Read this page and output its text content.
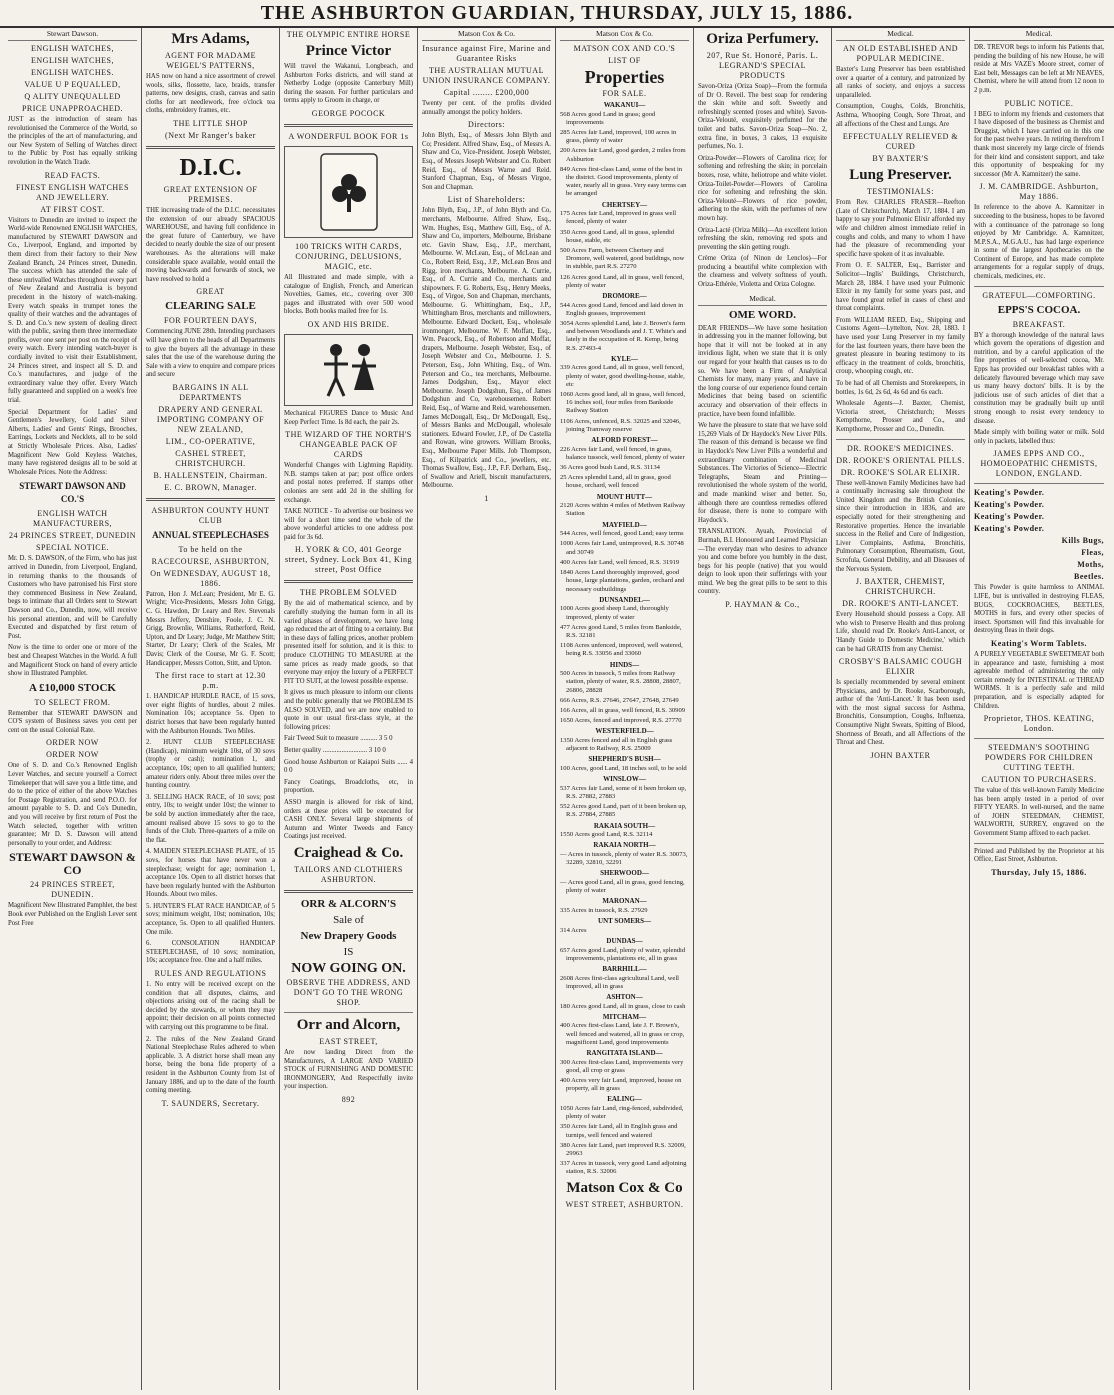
THE ASHBURTON GUARDIAN, THURSDAY, JULY 15, 1886.
Stewart Dawson.
ENGLISH WATCHES,
ENGLISH WATCHES,
ENGLISH WATCHES.
VALUE U P EQUALLED,
Q ALITY UNEQUALLED
PRICE UNAPPROACHED.

JUST as the introduction of steam has revolutionised the Commerce of the World, so the principles of the art of manufacturing, and our New System of Selling of Watches direct to the Public by Post has equally striking revolution in the Watch Trade.

READ FACTS.
FINEST ENGLISH WATCHES AND JEWELLERY.
AT FIRST COST.

Visitors to Dunedin are invited to inspect the World-wide Renowned ENGLISH WATCHES, manufactured by STEWART DAWSON and Co., Liverpool, England, and imported by them direct from their factory to their New Zealand Branch, 24 Princes street, Dunedin. The success which has attended the sale of these unrivalled Watches throughout every part of New Zealand and Australia is beyond precedent in the history of watch-making. Every watch speaks in trumpet tones the quality of their watches and the advantages of S. D. and Co.'s new system of dealing direct with the public, saving them three intermediate profits, over one sent per post on the receipt of every watch. Every intending watch-buyer is cordially invited to visit their Establishment, 24 Princes street, and inspect all S. D. and Co.'s manufactures, and judge of the extraordinary value they offer. Every Watch fully guaranteed and supplied on a week's free trial.

Special Department for Ladies' and Gentlemen's Jewellery, Gold and Silver Alberts, Ladies' and Gents' Rings, Brooches, Earrings, Lockets and Necklets, all to be sold at Strictly Wholesale Prices. Also, Ladies' Magnificent New Gold Keyless Watches, many have registered designs all to be sold at Wholesale Prices. Note the Address:

STEWART DAWSON AND CO.'S
ENGLISH WATCH MANUFACTURERS,
24 PRINCES STREET, DUNEDIN
SPECIAL NOTICE.

Mr. D. S. DAWSON, of the Firm, who has just arrived in Dunedin, from Liverpool, England, in returning thanks to the thousands of Customers who have patronised his First store they commenced Business in New Zealand, begs to intimate that all Orders sent to Stewart Dawson and Co., Dunedin, now, will receive his personal attention, and will be Carefully Executed and dispatched by first return of Post.

Now is the time to order one or more of the best and Cheapest Watches in the World. A full and Magnificent Stock on hand of every article show in Illustrated Pamphlet.

A £10,000 STOCK
TO SELECT FROM.

Remember that STEWART DAWSON and CO'S system of Business saves you cent per cent on the usual Colonial Rate.

ORDER NOW
ORDER NOW

One of S. D. and Co.'s Renowned English Lever Watches, and secure yourself a Correct Timekeeper that will save you a little time, and do to the price of either of the above Watches for Postage Registration, and send P.O.O. for amount payable to S. D. and Co's Dunedin, and you will receive by first return of Post the Watch selected, together with written guarantee; Mr D. S. Dawson will attend personally to your order, and Address:

STEWART DAWSON & CO
24 PRINCES STREET, DUNEDIN.

Magnificent New Illustrated Pamphlet, the best Book ever Published on the English Lever sent Post Free

Mrs Adams,
AGENT FOR MADAME WEIGEL'S PATTERNS,

HAS now on hand a nice assortment of crewel wools, silks, flossette, lace, braids, transfer patterns, new designs, crash, canvas and satin cloths for art needlework, free o'clock tea cloths, embroidery frames, etc.

THE LITTLE SHOP
(Next Mr Ranger's baker
D.I.C.
GREAT EXTENSION OF PREMISES.

THE increasing trade of the D.I.C. necessitates the extension of our already SPACIOUS WAREHOUSE, and having full confidence in the great future of Canterbury, we have decided to nearly double the size of our present warehouses. As the alterations will make considerable space available, would entail the moving backwards and forwards of stock, we have resolved to hold a

GREAT
CLEARING SALE
FOR FOURTEEN DAYS,

Commencing JUNE 28th. Intending purchasers will have given to the heads of all Departments to give the buyers all the advantage in these sales that the use of the warehouse during the Sale with a view to enquire and compare prices and secure

BARGAINS IN ALL DEPARTMENTS
DRAPERY AND GENERAL IMPORTING COMPANY OF NEW ZEALAND,
LIM., CO-OPERATIVE,
CASHEL STREET, CHRISTCHURCH.
B. HALLENSTEIN, Chairman.
E. C. BROWN, Manager.
ASHBURTON COUNTY HUNT CLUB
ANNUAL STEEPLECHASES
To be held on the
RACECOURSE, ASHBURTON,
On WEDNESDAY, AUGUST 18, 1886.

Patron, Hon J. McLean; President, Mr E. G. Wright; Vice-Presidents, Messrs John Grigg, C. G. Hawdon, Dr Leary and Rev. Stevenals Messrs Jeffery, Denshire, Foole, J. C. N. Grigg, Brownlie, Williams, Rutherford, Reid, Upton, and Dr Leary; Judge, Mr Matthew Stitt; Starter, Dr Leary; Clerk of the Scales, Mr Davis; Clerk of the Course, Mr G. F. Scott; Handicapper, Messrs Cotton, Stitt, and Upton.

The first race to start at 12.30 p.m.

1. HANDICAP HURDLE RACE, of 15 sovs, over eight flights of hurdles, about 2 miles. Nomination 10s; acceptance 5s. Open to district horses that have been regularly hunted with the Ashburton Hounds. Two Miles.

2. HUNT CLUB STEEPLECHASE (Handicap), minimum weight 10st, of 30 sovs (trophy or cash); nomination 1, and acceptance, 10s; open to all qualified hunters; amateur riders only. About three miles over the hunting country.

3. SELLING HACK RACE, of 10 sovs; post entry, 10s; to weight under 10st; the winner to be sold by auction immediately after the race, amount realised above 15 sovs to go to the funds of the Club. Three-quarters of a mile on the flat.

4. MAIDEN STEEPLECHASE PLATE, of 15 sovs, for horses that have never won a steeplechase; weight for age; nomination 1, acceptance 10s. Open to all district horses that have been regularly hunted with the Ashburton Hounds. About two miles.

5. HUNTER'S FLAT RACE HANDICAP, of 5 sovs; minimum weight, 10st; nomination, 10s; acceptance, 5s. Open to all qualified Hunters. One mile.

6. CONSOLATION HANDICAP STEEPLECHASE, of 10 sovs; nomination, 10s; acceptance free. One and a half miles.

RULES AND REGULATIONS

1. No entry will be received except on the condition that all disputes, claims, and objections arising out of the racing shall be decided by the stewards, or whom they may appoint; their decision on all points connected with carrying out this programme to be final.

2. The rules of the New Zealand Grand National Steeplechase Rules adhered to when applicable. 3. A district horse shall mean any horse, being the bona fide property of a resident in the Ashburton County from 1st of January 1886, and up to the date of the fourth coming meeting.

T. SAUNDERS, Secretary.
THE OLYMPIC ENTIRE HORSE
Prince Victor

Will travel the Wakanui, Longbeach, and Ashburton Forks districts, and will stand at Netherby Lodge (opposite Canterbury Mill) during the season. For further particulars and terms apply to Groom in charge, or

GEORGE POCOCK
A WONDERFUL BOOK FOR 1s
100 TRICKS WITH CARDS, CONJURING, DELUSIONS, MAGIC, etc.

All Illustrated and made simple, with a catalogue of English, French, and American Novelties, Games, etc., covering over 300 pages and illustrated with over 500 wood blocks. Both books mailed free for 1s.

OX AND HIS BRIDE.

Mechanical FIGURES Dance to Music And Keep Perfect Time. Is 8d each, the pair 2s.

THE WIZARD OF THE NORTH'S CHANGEABLE PACK OF CARDS

Wonderful Changes with Lightning Rapidity. N.B. stamps taken at par; post office orders and postal notes preferred. If stamps other colonies are sent add 2d in the shilling for exchange.

TAKE NOTICE - To advertise our business we will for a short time send the whole of the above wonderful articles to one address post paid for 3s 6d.

H. YORK & CO, 401 George street, Sydney. Lock Box 41, King street, Post Office
THE PROBLEM SOLVED

By the aid of mathematical science, and by carefully studying the human form in all its varied phases of development, we have long ago reduced the art of fitting to a certainty. But in these days of falling prices, another problem presented itself for solution, and it is this: to produce CLOTHING TO MEASURE at the same prices as ready made goods, so that everyone may enjoy the luxury of a PERFECT FIT TO SUIT, at the lowest possible expense.

It gives us much pleasure to inform our clients and the public generally that we PROBLEM IS ALSO SOLVED, and we are now enabled to quote in our usual first-class style, at the following prices:

Fair Tweed Suit to measure .......... 3 5 0

Better quality .......................... 3 10 0

Good house Ashburton or Kaiapoi Suits ...... 4 0 0

Fancy Coatings, Broadcloths, etc, in proportion.

ASSO margin is allowed for risk of kind, orders at these prices will be executed for CASH ONLY. Several large shipments of Autumn and Winter Tweeds and Fancy Coatings just received.

Craighead & Co.
TAILORS AND CLOTHIERS ASHBURTON.
ORR & ALCORN'S
Sale of
New Drapery Goods
IS
NOW GOING ON.
OBSERVE THE ADDRESS, AND DON'T GO TO THE WRONG SHOP.
Orr and Alcorn,
EAST STREET,

Are now landing Direct from the Manufacturers, A LARGE AND VARIED STOCK of FURNISHING AND DOMESTIC IRONMONGERY, And Respectfully invite your inspection.

892
Matson Cox & Co.
Insurance against Fire, Marine and Guarantee Risks
THE AUSTRALIAN MUTUAL UNION INSURANCE COMPANY.
Capital ........ £200,000

Twenty per cent. of the profits divided annually amongst the policy holders.

Directors:

John Blyth, Esq., of Messrs John Blyth and Co; President. Alfred Shaw, Esq., of Messrs A. Shaw and Co, Vice-President. Joseph Webster, Esq., of Messrs Joseph Webster and Co. Robert Reid, Esq., of Messrs Warne and Reid. Stanford Chapman, Esq., of Messrs Virgoe, Son and Chapman.

List of Shareholders:

John Blyth, Esq., J.P., of John Blyth and Co, merchants, Melbourne. Alfred Shaw, Esq., Wm. Hughes, Esq., Matthew Gill, Esq., of A. Shaw and Co, importers, Melbourne, Brisbane etc. Gavin Shaw, Esq., J.P., merchant, Melbourne. W. McLean, Esq., of McLean and Co., Robert Reid, Esq., J.P., McLean Bros and Rigg, iron merchants, Melbourne. A. Currie, Esq., of A. Currie and Co, merchants and shipowners. F. G. Roberts, Esq., Henry Meeks, Esq., of Virgoe, Son and Chapman, merchants, Melbourne. G. Whittingham, Esq., J.P., Whittingham Bros, merchants and millowners, Melbourne. Edward Dockett, Esq., wholesale ironmonger, Melbourne. W. F. Moffatt, Esq., Wm. Peacock, Esq., of Robertson and Moffat, drapers, Melbourne. Joseph Webster, Esq., of Joseph Webster and Co., Melbourne. J. S. Peterson, Esq., John Whiting, Esq., of Wm. Peterson and Co., tea merchants, Melbourne. James Dodgshun, Esq., Mayor elect Melbourne. Joseph Dodgshun, Esq., of James Dodgshun and Co, warehousemen. Robert Reid, Esq., of Warne and Reid, warehousemen. James McDougall, Esq., Dr McDougall, Esq., of Messrs Banks and McDougall, wholesale stationers. Edward Fowler, J.P., of De Castella and Rowan, wine growers. William Brooks, Esq., Melbourne Paper Mills. Job Thompson, Esq., of Kilpatrick and Co., jewellers, etc. Thomas Swallow, Esq., J.P., F.F. Derham, Esq., of Swallow and Ariell, biscuit manufacturers, Melbourne.

1
Matson Cox & Co.
MATSON COX AND CO.'S
LIST OF
Properties
FOR SALE.
WAKANUI—
568 Acres good Land in grass; good improvements
285 Acres fair Land, improved, 100 acres in grass, plenty of water
200 Acres fair Land, good garden, 2 miles from Ashburton
849 Acres first-class Land, some of the best in the district. Good improvements, plenty of water, nearly all in grass. Very easy terms can be arranged
CHERTSEY—
175 Acres fair Land, improved in grass well fenced, plenty of water
350 Acres good Land, all in grass, splendid house, stable, etc
500 Acres Farm, between Chertsey and Dromore, well watered, good buildings, now in stubble, part R.S. 27270
126 Acres good Land, all in grass, well fenced, plenty of water
DROMORE—
544 Acres good Land, fenced and laid down in English grasses, improvement
3054 Acres splendid Land, late J. Brown's farm and between Woodlands and J. T. White's and lately in the occupation of R. Kemp, being R.S. 27493-4
KYLE—
339 Acres good Land, all in grass, well fenced, plenty of water, good dwelling-house, stable, etc
1060 Acres good land, all in grass, well fenced, 16 inches soil, four miles from Bankside Railway Station
1106 Acres, unfenced, R.S. 32025 and 32046, joining Tramway reserve
ALFORD FOREST—
226 Acres fair Land, well fenced, in grass, balance tussock, well fenced, plenty of water
36 Acres good bush Land, R.S. 31134
25 Acres splendid Land, all in grass, good house, orchard, well fenced
MOUNT HUTT—
2120 Acres within 4 miles of Methven Railway Station
MAYFIELD—
544 Acres, well fenced, good Land; easy terms
1000 Acres fair Land, unimproved, R.S. 30748 and 30749
400 Acres fair Land, well fenced, R.S. 31919
1840 Acres Land thoroughly improved, good house, large plantations, garden, orchard and necessary outbuildings
DUNSANDEL—
1000 Acres good sheep Land, thoroughly improved, plenty of water
477 Acres good Land, 5 miles from Bankside, R.S. 32181
1108 Acres unfenced, improved, well watered, being R.S. 33056 and 33060
HINDS—
500 Acres in tussock, 5 miles from Railway station, plenty of water, R.S. 28808, 28807, 26806, 28828
666 Acres, R.S. 27646, 27647, 27648, 27649
166 Acres, all in grass, well fenced, R.S. 30909
1650 Acres, fenced and improved, R.S. 27770
WESTERFIELD—
1350 Acres fenced and all in English grass adjacent to Railway, R.S. 25009
SHEPHERD'S BUSH—
100 Acres, good Land, 18 inches soil, to be sold
WINSLOW—
537 Acres fair Land, some of it been broken up, R.S. 27882, 27883
552 Acres good Land, part of it been broken up, R.S. 27884, 27885
RAKAIA SOUTH—
1550 Acres good Land, R.S. 32114
RAKAIA NORTH—
— Acres in tussock, plenty of water R.S. 30073, 32289, 32810, 32291
SHERWOOD—
— Acres good Land, all in grass, good fencing, plenty of water
MARONAN—
335 Acres in tussock, R.S. 27929
UNT SOMERS—
314 Acres
DUNDAS—
657 Acres good Land, plenty of water, splendid improvements, plantations etc, all in grass
BARRHILL—
2608 Acres first-class agricultural Land, well improved, all in grass
ASHTON—
180 Acres good Land, all in grass, close to cash
MITCHAM—
400 Acres first-class Land, late J. F. Brown's, well fenced and watered, all in grass or crop, magnificent Land, good improvements
RANGITATA ISLAND—
300 Acres first-class Land, improvements very good, all crop or grass
400 Acres very fair Land, improved, house on property, all in grass
EALING—
1050 Acres fair Land, ring-fenced, subdivided, plenty of water
350 Acres fair Land, all in English grass and turnips, well fenced and watered
380 Acres fair Land, part improved R.S. 32009, 29963
337 Acres in tussock, very good Land adjoining station, R.S. 32006
Matson Cox & Co
WEST STREET, ASHBURTON.
Oriza Perfumery.
207, Rue St. Honoré, Paris. L. LEGRAND'S SPECIAL PRODUCTS

Savon-Oriza (Oriza Soap)—From the formula of Dr O. Reveil. The best soap for rendering the skin white and soft. Sweetly and refreshingly scented (roses and white). Savon-Oriza-Velouté, exquisitely perfumed for the toilet and baths. Savon-Oriza Soap—No. 2, extra fine, in boxes, 3 cakes, 13 exquisite perfumes, No. 1.

Oriza-Powder—Flowers of Carolina rice; for softening and refreshing the skin; in porcelain boxes, rose, white, heliotrope and white violet. Oriza-Toilet-Powder—Flowers of Carolina rice for softening and refreshing the skin. Oriza-Velouté—Flowers of rice powder, adhering to the skin, with the perfumes of new mown hay.

Oriza-Lacté (Oriza Milk)—An excellent lotion refreshing the skin, removing red spots and preventing the skin getting rough.

Crème Oriza (of Ninon de Lenclos)—For producing a beautiful white complexion with the clearness and velvety softness of youth. Oriza-Ethérée, Violetta and Oriza Cologne.

Medical.
OME WORD.

DEAR FRIENDS—We have some hesitation in addressing you in the manner following, but hope that it will not be looked at in any invidious light, when we state that it is only our regard for your health that causes us to do so. We have been a Firm of Analytical Chemists for many, many years, and have in the long course of our experience found certain Medicines that being based on scientific accuracy and observation of their effects in practice, have been found infallible.

We have the pleasure to state that we have sold 15,269 Vials of Dr Haydock's New Liver Pills. The reason of this demand is because we find in Haydock's New Liver Pills a wonderful and extraordinary combination of Medicinal Substances. The Victories of Science—Electric Telegraphs, Steam and Printing—revolutionised the whole system of the world, and made mankind wiser and better. So, although there are countless remedies offered for disease, there is none to compare with Haydock's.

TRANSLATION. Ayuah, Provincial of Burmah, B.I. Honoured and Learned Physician—The everyday man who desires to advance you and come before you humbly in the dust, begs for his people (native) that you would deign to look upon their sufferings with your mind. We beg the great pills to be sent to this country.

P. HAYMAN & Co.,
Medical.
AN OLD ESTABLISHED AND POPULAR MEDICINE.

Baxter's Lung Preserver has been established over a quarter of a century, and patronized by all ranks of society, and enjoys a success unparalleled.

Consumption, Coughs, Colds, Bronchitis, Asthma, Whooping Cough, Sore Throat, and all affections of the Chest and Lungs. Are

EFFECTUALLY RELIEVED & CURED
BY BAXTER'S
Lung Preserver.
TESTIMONIALS:

From Rev. CHARLES FRASER—Reefton (Late of Christchurch), March 17, 1884. I am happy to say your Pulmonic Elixir afforded my wife and children almost immediate relief in coughs and colds, and many to whom I have had the pleasure of recommending your specific have spoken of it as invaluable.

From O. F. SALTER, Esq., Barrister and Solicitor—Inglis' Buildings, Christchurch, March 28, 1884. I have used your Pulmonic Elixir in my family for some years past, and have found great relief in cases of chest and throat complaints.

From WILLIAM REED, Esq., Shipping and Customs Agent—Lyttelton, Nov. 28, 1883. I have used your Lung Preserver in my family for the last fourteen years, there have been the greatest pleasure in bearing testimony to its efficacy in the treatment of colds, bronchitis, croup, whooping cough, etc.

To be had of all Chemists and Storekeepers, in bottles, 1s 6d, 2s 6d, 4s 6d and 6s each.

Wholesale Agents—J. Baxter, Chemist, Victoria street, Christchurch; Messrs Kempthorne, Prosser and Co., and Kempthorne, Prosser and Co., Dunedin.

DR. ROOKE'S MEDICINES.
DR. ROOKE'S ORIENTAL PILLS.
DR. ROOKE'S SOLAR ELIXIR.

These well-known Family Medicines have had a continually increasing sale throughout the United Kingdom and the British Colonies, since their introduction in 1836, and are especially noted for their strengthening and Restorative properties. Hence the invariable success in the Relief and Cure of Indigestion, Liver Complaints, Asthma, Bronchitis, Pulmonary Consumption, Rheumatism, Gout, Scrofula, General Debility, and all Diseases of the Nervous System.

J. BAXTER, CHEMIST, CHRISTCHURCH.
DR. ROOKE'S ANTI-LANCET.

Every Household should possess a Copy. All who wish to Preserve Health and thus prolong Life, should read Dr. Rooke's Anti-Lancet, or 'Handy Guide to Domestic Medicine,' which can be had GRATIS from any Chemist.

CROSBY'S BALSAMIC COUGH ELIXIR

Is specially recommended by several eminent Physicians, and by Dr. Rooke, Scarborough, author of the 'Anti-Lancet.' It has been used with the most signal success for Asthma, Bronchitis, Consumption, Coughs, Influenza, Consumptive Night Sweats, Spitting of Blood, Shortness of Breath, and all Affections of the Throat and Chest.

JOHN BAXTER
Medical.

DR. TREVOR begs to inform his Patients that, pending the building of his new House, he will reside at Mrs VAZE's Moore street, corner of East belt, Messages can be left at Mr NEAVES, Chemist, where he will attend from 12 noon to 2 p.m.

PUBLIC NOTICE.

I BEG to inform my friends and customers that I have disposed of the business as Chemist and Druggist, which I have carried on in this one for the past twelve years. In retiring therefrom I thank most sincerely my large circle of friends for their kind and consistent support, and take this opportunity of bespeaking for my successor (Mr A. Kamnitzer) the same.

J. M. CAMBRIDGE. Ashburton, May 1886.

In reference to the above A. Kamnitzer in succeeding to the business, hopes to be favored with a continuance of the patronage so long enjoyed by Mr Cambridge. A. Kamnitzer, M.P.S.A., M.G.A.U., has had large experience in some of the largest Apothecaries on the Continent of Europe, and has made complete arrangements for a regular supply of drugs, chemicals, medicines, etc.

GRATEFUL—COMFORTING.
EPPS'S COCOA.
BREAKFAST.

BY a thorough knowledge of the natural laws which govern the operations of digestion and nutrition, and by a careful application of the fine properties of well-selected cocoa, Mr. Epps has provided our breakfast tables with a delicately flavoured beverage which may save us many heavy doctors' bills. It is by the judicious use of such articles of diet that a constitution may be gradually built up until strong enough to resist every tendency to disease.

Made simply with boiling water or milk. Sold only in packets, labelled thus:

JAMES EPPS AND CO., HOMOEOPATHIC CHEMISTS, LONDON, ENGLAND.
Keating's Powder.
Keating's Powder.
Keating's Powder.
Keating's Powder.
Kills Bugs,
Fleas,
Moths,
Beetles.

This Powder is quite harmless to ANIMAL LIFE, but is unrivalled in destroying FLEAS, BUGS, COCKROACHES, BEETLES, MOTHS in furs, and every other species of insect. Sportsmen will find this invaluable for destroying fleas in their dogs.

Keating's Worm Tablets.

A PURELY VEGETABLE SWEETMEAT both in appearance and taste, furnishing a most agreeable method of administering the only certain remedy for INTESTINAL or THREAD WORMS. It is a perfectly safe and mild preparation, and is especially adapted for Children.

Proprietor, THOS. KEATING, London.
STEEDMAN'S SOOTHING POWDERS FOR CHILDREN CUTTING TEETH.
CAUTION TO PURCHASERS.

The value of this well-known Family Medicine has been amply tested in a period of over FIFTY YEARS. In well-nursed, and the name of JOHN STEEDMAN, CHEMIST, WALWORTH, SURREY, engraved on the Government Stamp affixed to each packet.

Printed and Published by the Proprietor at his Office, East Street, Ashburton.

Thursday, July 15, 1886.
